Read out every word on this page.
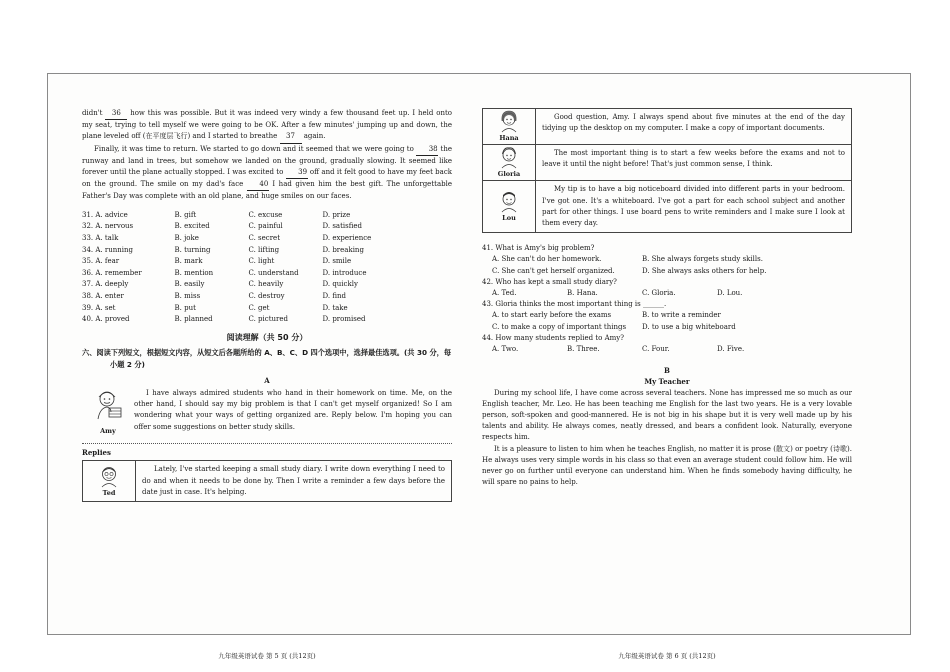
didn't 36 how this was possible. But it was indeed very windy a few thousand feet up. I held onto my seat, trying to tell myself we were going to be OK. After a few minutes' jumping up and down, the plane leveled off (在平度层飞行) and I started to breathe 37 again.

Finally, it was time to return. We started to go down and it seemed that we were going to 38 the runway and land in trees, but somehow we landed on the ground, gradually slowing. It seemed like forever until the plane actually stopped. I was excited to 39 off and it felt good to have my feet back on the ground. The smile on my dad's face 40 I had given him the best gift. The unforgettable Father's Day was complete with an old plane, and huge smiles on our faces.

31. A. advice	B. gift	C. excuse	D. prize
32. A. nervous	B. excited	C. painful	D. satisfied
33. A. talk	B. joke	C. secret	D. experience
34. A. running	B. turning	C. lifting	D. breaking
35. A. fear	B. mark	C. light	D. smile
36. A. remember	B. mention	C. understand	D. introduce
37. A. deeply	B. easily	C. heavily	D. quickly
38. A. enter	B. miss	C. destroy	D. find
39. A. set	B. put	C. get	D. take
40. A. proved	B. planned	C. pictured	D. promised
阅读理解（共 50 分）
六、阅读下列短文，根据短文内容，从短文后各题所给的 A、B、C、D 四个选项中，选择最佳选项。(共 30 分，每小题 2 分)
A
Amy

I have always admired students who hand in their homework on time. Me, on the other hand, I should say my big problem is that I can't get myself organized! So I am wondering what your ways of getting organized are. Reply below. I'm hoping you can offer some suggestions on better study skills.

Replies
Ted
Lately, I've started keeping a small study diary. I write down everything I need to do and when it needs to be done by. Then I write a reminder a few days before the date just in case. It's helping.
九年级英语试卷 第 5 页 (共12页)
Hana
Good question, Amy. I always spend about five minutes at the end of the day tidying up the desktop on my computer. I make a copy of important documents.
Gloria
The most important thing is to start a few weeks before the exams and not to leave it until the night before! That's just common sense, I think.
Lou
My tip is to have a big noticeboard divided into different parts in your bedroom. I've got one. It's a whiteboard. I've got a part for each school subject and another part for other things. I use board pens to write reminders and I make sure I look at them every day.

41. What is Amy's big problem?

A. She can't do her homework.	B. She always forgets study skills.
C. She can't get herself organized.	D. She always asks others for help.

42. Who has kept a small study diary?

A. Ted.	B. Hana.	C. Gloria.	D. Lou.

43. Gloria thinks the most important thing is ______.

A. to start early before the exams	B. to write a reminder
C. to make a copy of important things	D. to use a big whiteboard

44. How many students replied to Amy?

A. Two.	B. Three.	C. Four.	D. Five.
B
My Teacher

During my school life, I have come across several teachers. None has impressed me so much as our English teacher, Mr. Leo. He has been teaching me English for the last two years. He is a very lovable person, soft-spoken and good-mannered. He is not big in his shape but it is very well made up by his talents and ability. He always comes, neatly dressed, and bears a confident look. Naturally, everyone respects him.

It is a pleasure to listen to him when he teaches English, no matter it is prose (散文) or poetry (诗歌). He always uses very simple words in his class so that even an average student could follow him. He will never go on further until everyone can understand him. When he finds somebody having difficulty, he will spare no pains to help.

九年级英语试卷 第 6 页 (共12页)
